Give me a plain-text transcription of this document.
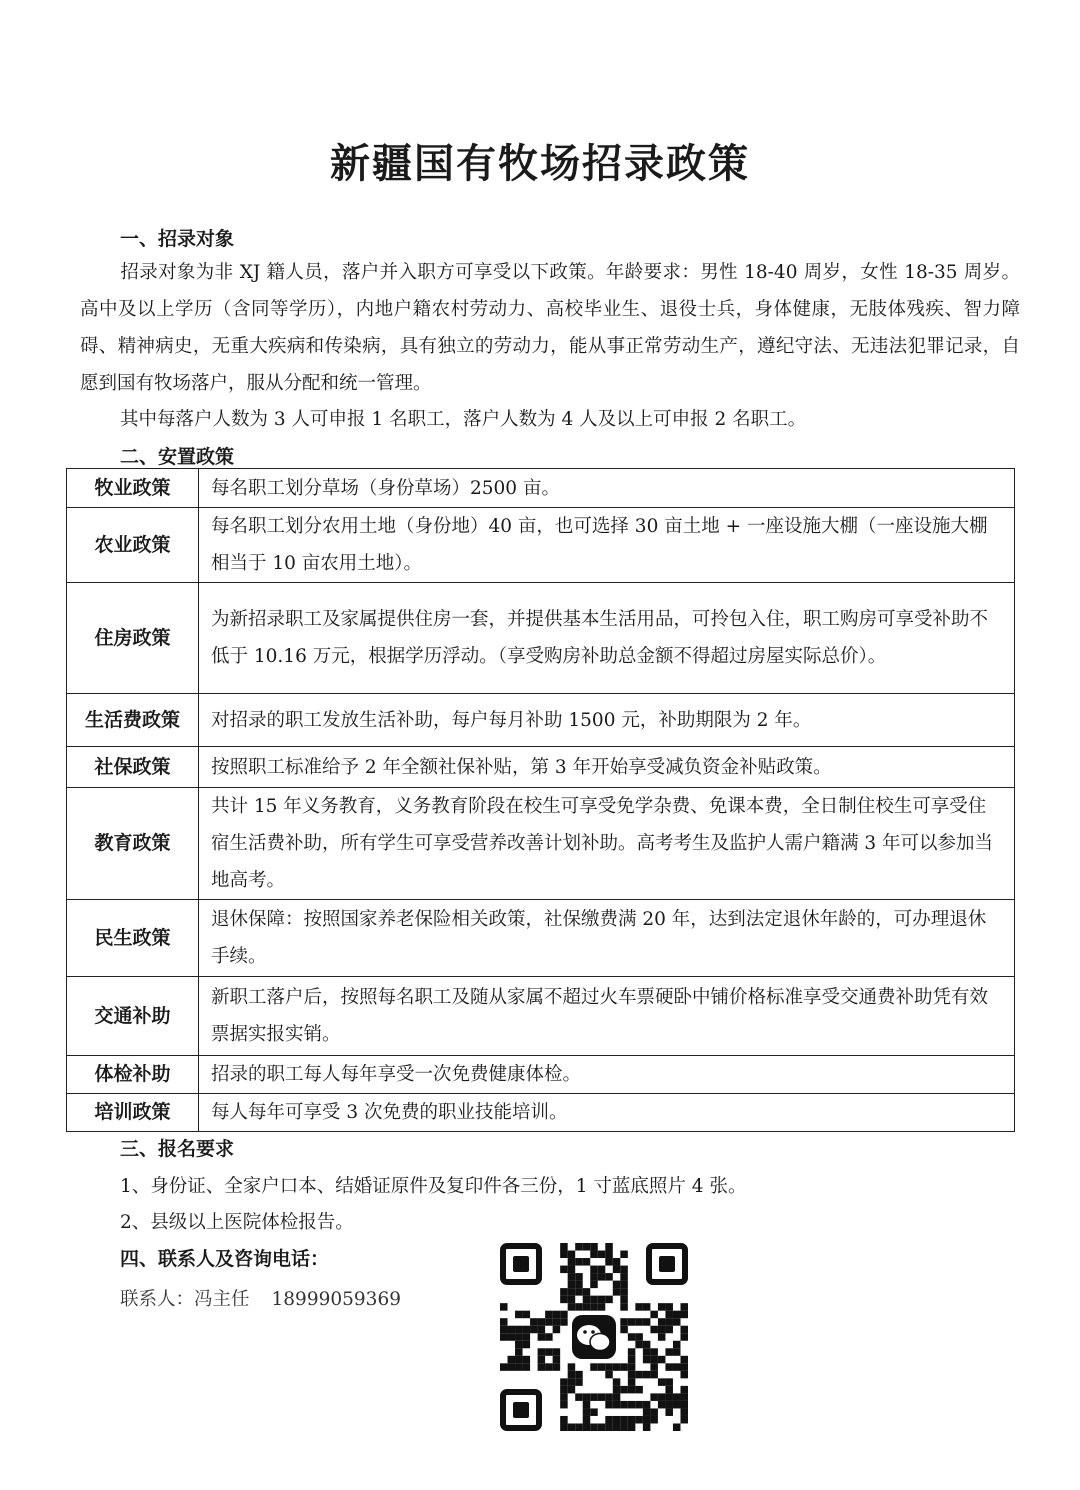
新疆国有牧场招录政策
一、招录对象
招录对象为非 XJ 籍人员，落户并入职方可享受以下政策。年龄要求：男性 18-40 周岁，女性 18-35 周岁。高中及以上学历（含同等学历），内地户籍农村劳动力、高校毕业生、退役士兵，身体健康，无肢体残疾、智力障碍、精神病史，无重大疾病和传染病，具有独立的劳动力，能从事正常劳动生产，遵纪守法、无违法犯罪记录，自愿到国有牧场落户，服从分配和统一管理。
其中每落户人数为 3 人可申报 1 名职工，落户人数为 4 人及以上可申报 2 名职工。
二、安置政策
牧业政策	每名职工划分草场（身份草场）2500 亩。
农业政策	每名职工划分农用土地（身份地）40 亩，也可选择 30 亩土地 + 一座设施大棚（一座设施大棚相当于 10 亩农用土地）。
住房政策	为新招录职工及家属提供住房一套，并提供基本生活用品，可拎包入住，职工购房可享受补助不低于 10.16 万元，根据学历浮动。（享受购房补助总金额不得超过房屋实际总价）。
生活费政策	对招录的职工发放生活补助，每户每月补助 1500 元，补助期限为 2 年。
社保政策	按照职工标准给予 2 年全额社保补贴，第 3 年开始享受减负资金补贴政策。
教育政策	共计 15 年义务教育，义务教育阶段在校生可享受免学杂费、免课本费，全日制住校生可享受住宿生活费补助，所有学生可享受营养改善计划补助。高考考生及监护人需户籍满 3 年可以参加当地高考。
民生政策	退休保障：按照国家养老保险相关政策，社保缴费满 20 年，达到法定退休年龄的，可办理退休手续。
交通补助	新职工落户后，按照每名职工及随从家属不超过火车票硬卧中铺价格标准享受交通费补助凭有效票据实报实销。
体检补助	招录的职工每人每年享受一次免费健康体检。
培训政策	每人每年可享受 3 次免费的职业技能培训。
三、报名要求
1、身份证、全家户口本、结婚证原件及复印件各三份，1 寸蓝底照片 4 张。
2、县级以上医院体检报告。
四、联系人及咨询电话：
联系人：冯主任 18999059369
